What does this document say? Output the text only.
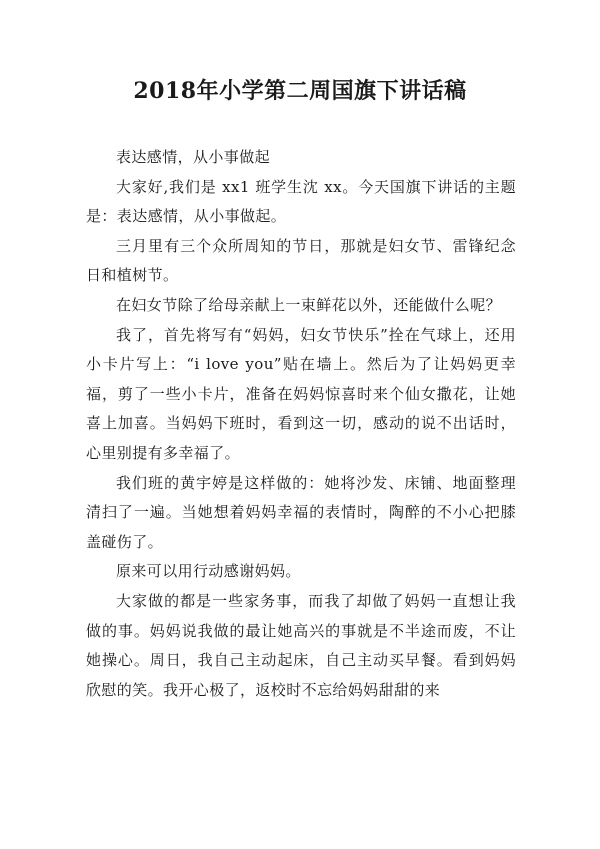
2018年小学第二周国旗下讲话稿

表达感情，从小事做起

大家好,我们是 xx1 班学生沈 xx。今天国旗下讲话的主题是：表达感情，从小事做起。

三月里有三个众所周知的节日，那就是妇女节、雷锋纪念日和植树节。

在妇女节除了给母亲献上一束鲜花以外，还能做什么呢？

我了，首先将写有“妈妈，妇女节快乐”拴在气球上，还用小卡片写上：“i love you”贴在墙上。然后为了让妈妈更幸福，剪了一些小卡片，准备在妈妈惊喜时来个仙女撒花，让她喜上加喜。当妈妈下班时，看到这一切，感动的说不出话时，心里别提有多幸福了。

我们班的黄宇婷是这样做的：她将沙发、床铺、地面整理清扫了一遍。当她想着妈妈幸福的表情时，陶醉的不小心把膝盖碰伤了。

原来可以用行动感谢妈妈。

大家做的都是一些家务事，而我了却做了妈妈一直想让我做的事。妈妈说我做的最让她高兴的事就是不半途而废，不让她操心。周日，我自己主动起床，自己主动买早餐。看到妈妈欣慰的笑。我开心极了，返校时不忘给妈妈甜甜的来
